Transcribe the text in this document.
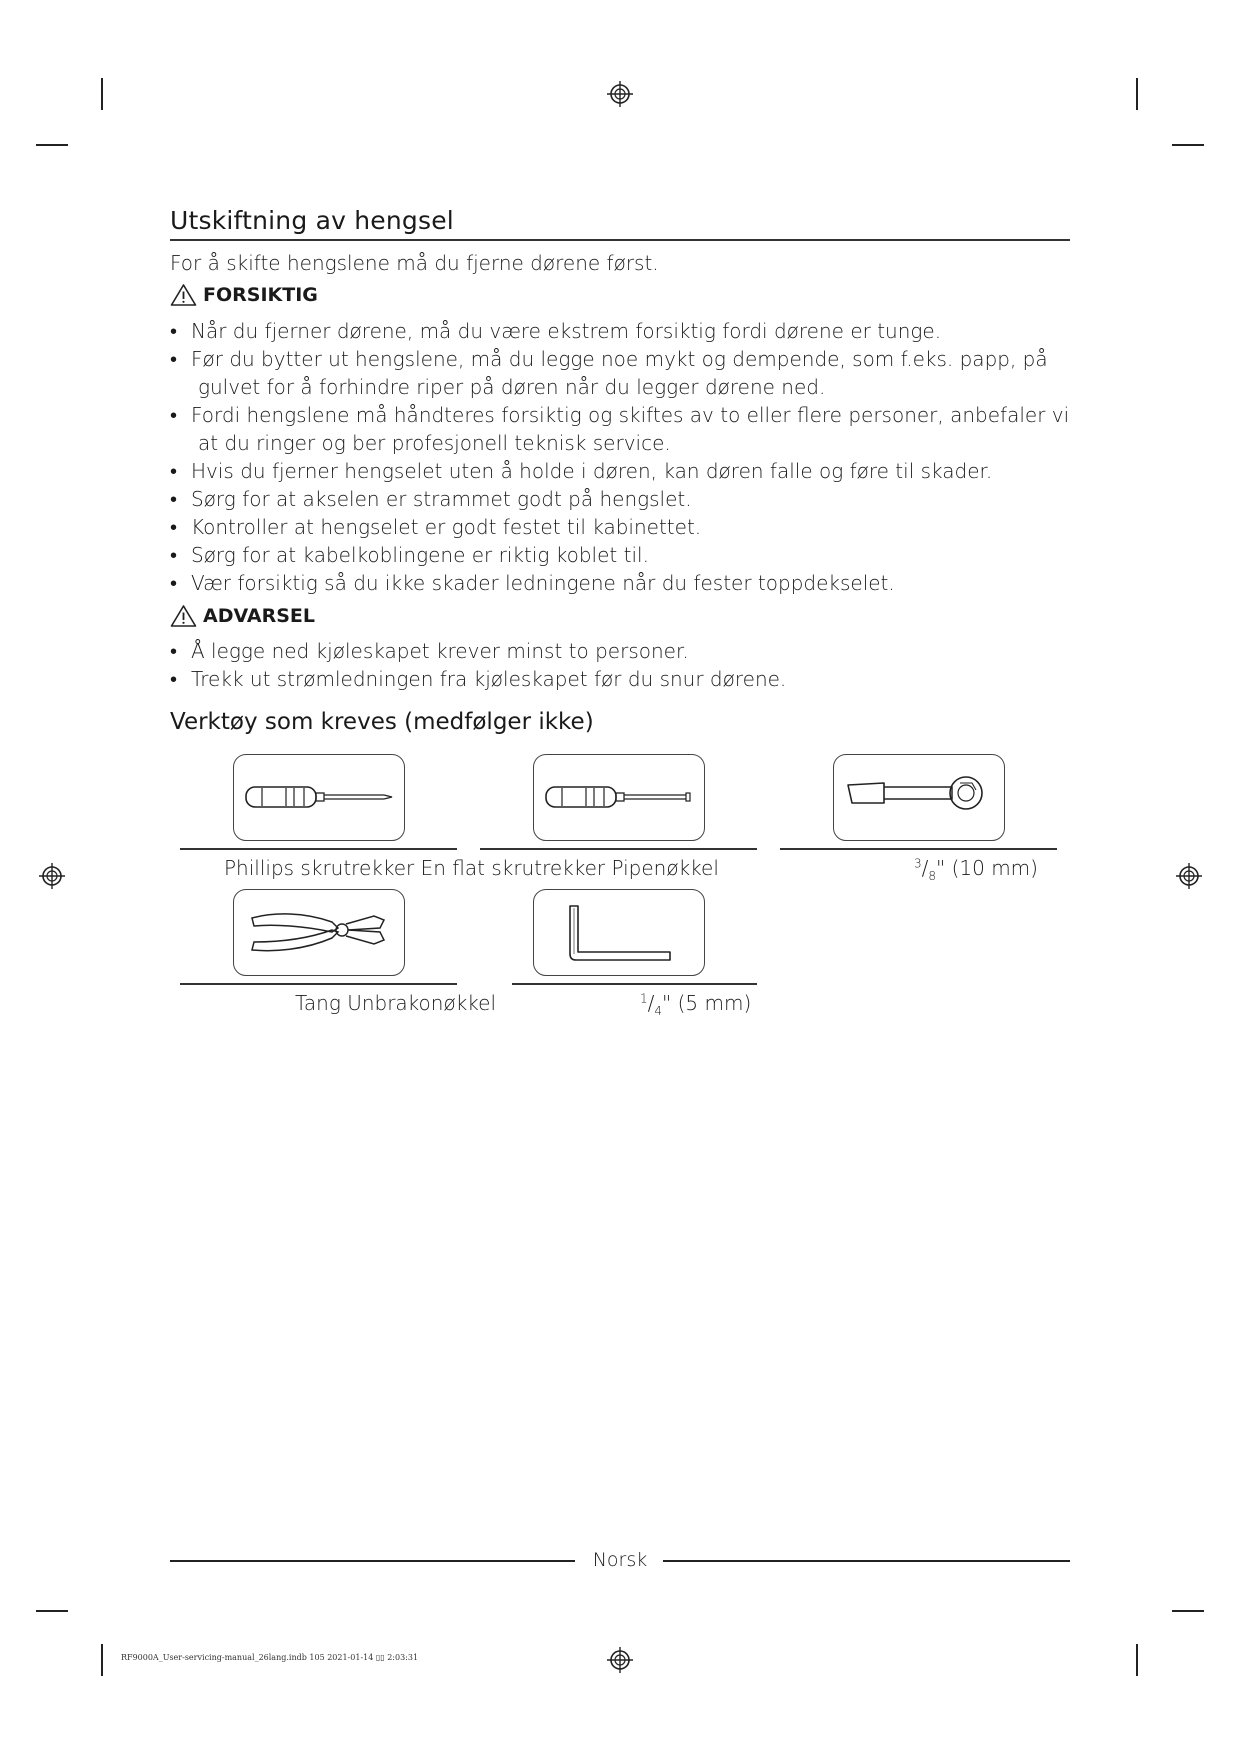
Utskiftning av hengsel
For å skifte hengslene må du fjerne dørene først.
FORSIKTIG
• Når du fjerner dørene, må du være ekstrem forsiktig fordi dørene er tunge.
• Før du bytter ut hengslene, må du legge noe mykt og dempende, som f.eks. papp, på
gulvet for å forhindre riper på døren når du legger dørene ned.
• Fordi hengslene må håndteres forsiktig og skiftes av to eller flere personer, anbefaler vi
at du ringer og ber profesjonell teknisk service.
• Hvis du fjerner hengselet uten å holde i døren, kan døren falle og føre til skader.
• Sørg for at akselen er strammet godt på hengslet.
• Kontroller at hengselet er godt festet til kabinettet.
• Sørg for at kabelkoblingene er riktig koblet til.
• Vær forsiktig så du ikke skader ledningene når du fester toppdekselet.
ADVARSEL
• Å legge ned kjøleskapet krever minst to personer.
• Trekk ut strømledningen fra kjøleskapet før du snur dørene.
Verktøy som kreves (medfølger ikke)
Phillips skrutrekker En flat skrutrekker Pipenøkkel	$^3/_8$" (10 mm)
Tang Unbrakonøkkel	$^1/_4$" (5 mm)
Norsk
RF9000A_User-servicing-manual_26lang.indb 105 2021-01-14 ▯▯ 2:03:31
